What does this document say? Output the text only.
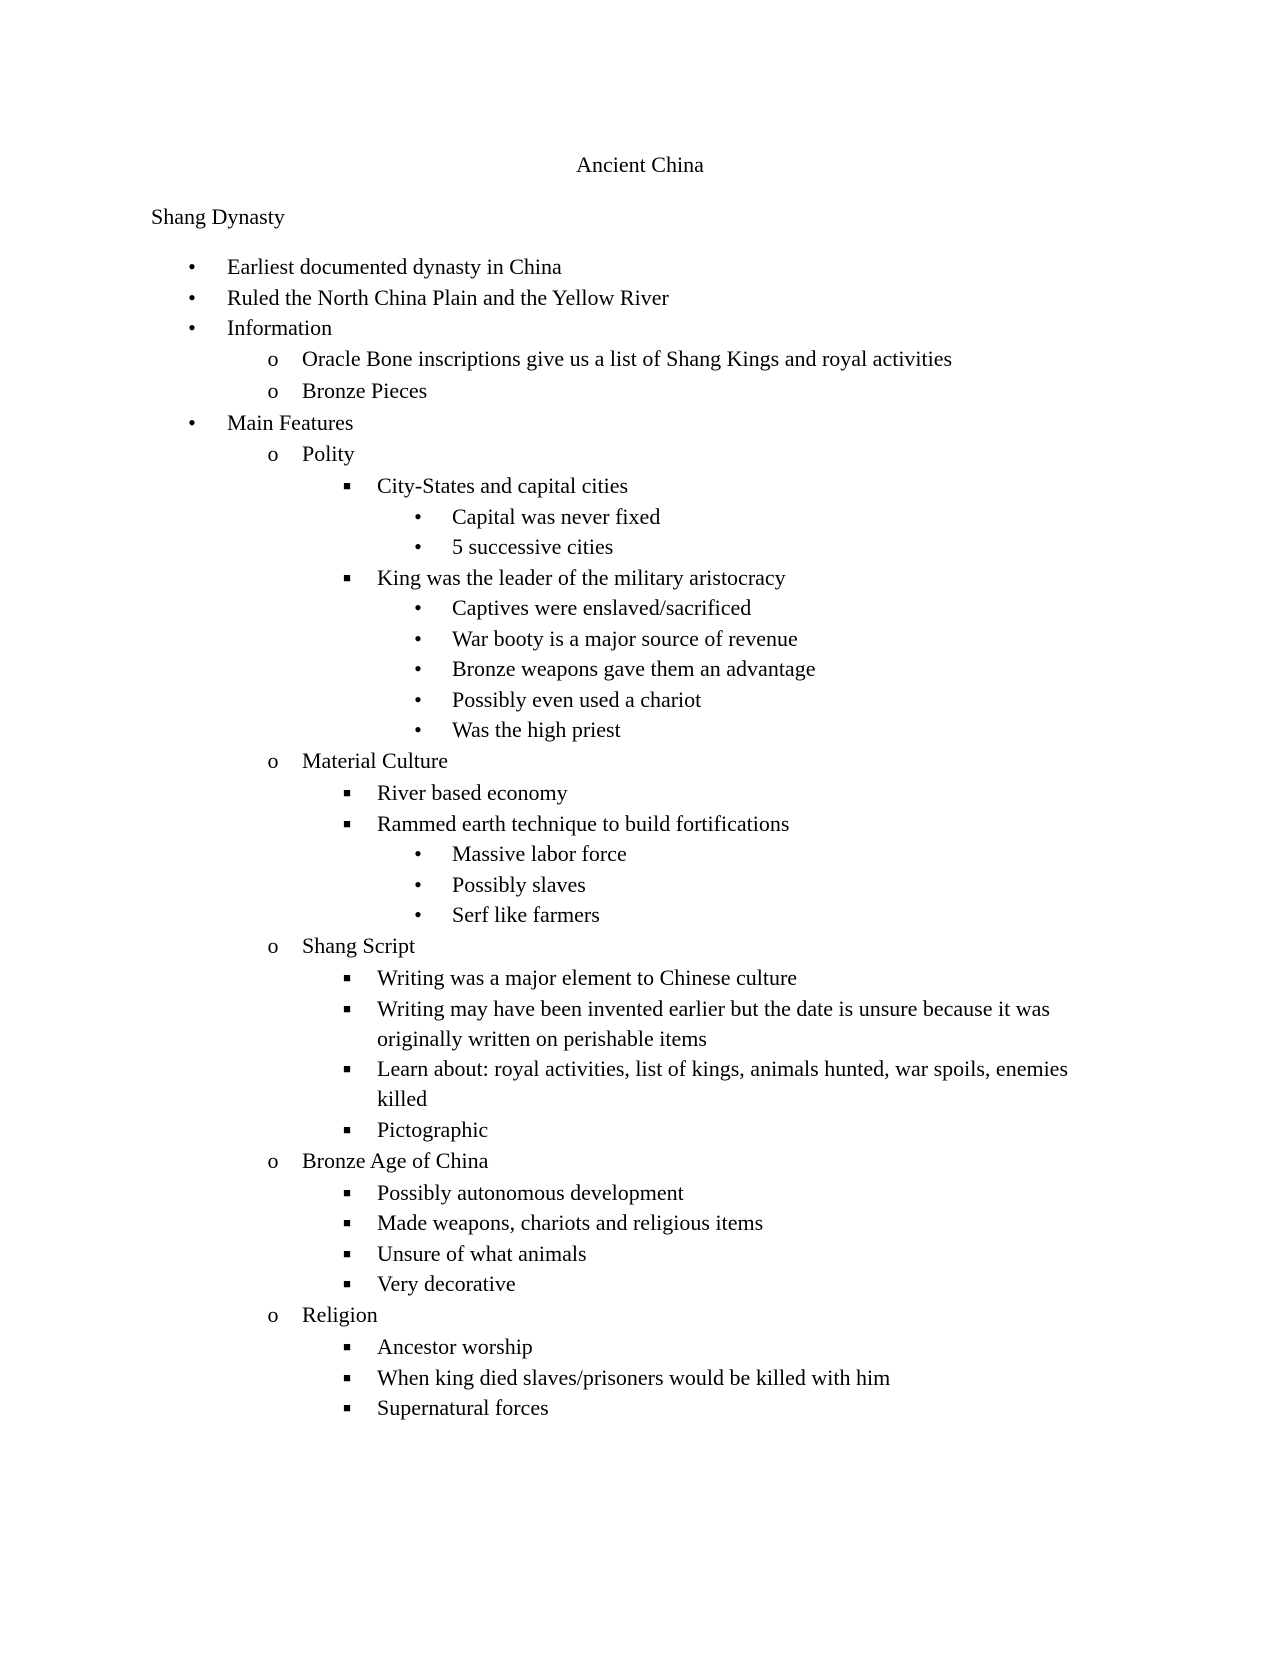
Ancient China
Shang Dynasty
• Earliest documented dynasty in China
• Ruled the North China Plain and the Yellow River
• Information
o Oracle Bone inscriptions give us a list of Shang Kings and royal activities
o Bronze Pieces
• Main Features
o Polity
■ City-States and capital cities
• Capital was never fixed
• 5 successive cities
■ King was the leader of the military aristocracy
• Captives were enslaved/sacrificed
• War booty is a major source of revenue
• Bronze weapons gave them an advantage
• Possibly even used a chariot
• Was the high priest
o Material Culture
■ River based economy
■ Rammed earth technique to build fortifications
• Massive labor force
• Possibly slaves
• Serf like farmers
o Shang Script
■ Writing was a major element to Chinese culture
■ Writing may have been invented earlier but the date is unsure because it was originally written on perishable items
■ Learn about: royal activities, list of kings, animals hunted, war spoils, enemies killed
■ Pictographic
o Bronze Age of China
■ Possibly autonomous development
■ Made weapons, chariots and religious items
■ Unsure of what animals
■ Very decorative
o Religion
■ Ancestor worship
■ When king died slaves/prisoners would be killed with him
■ Supernatural forces
